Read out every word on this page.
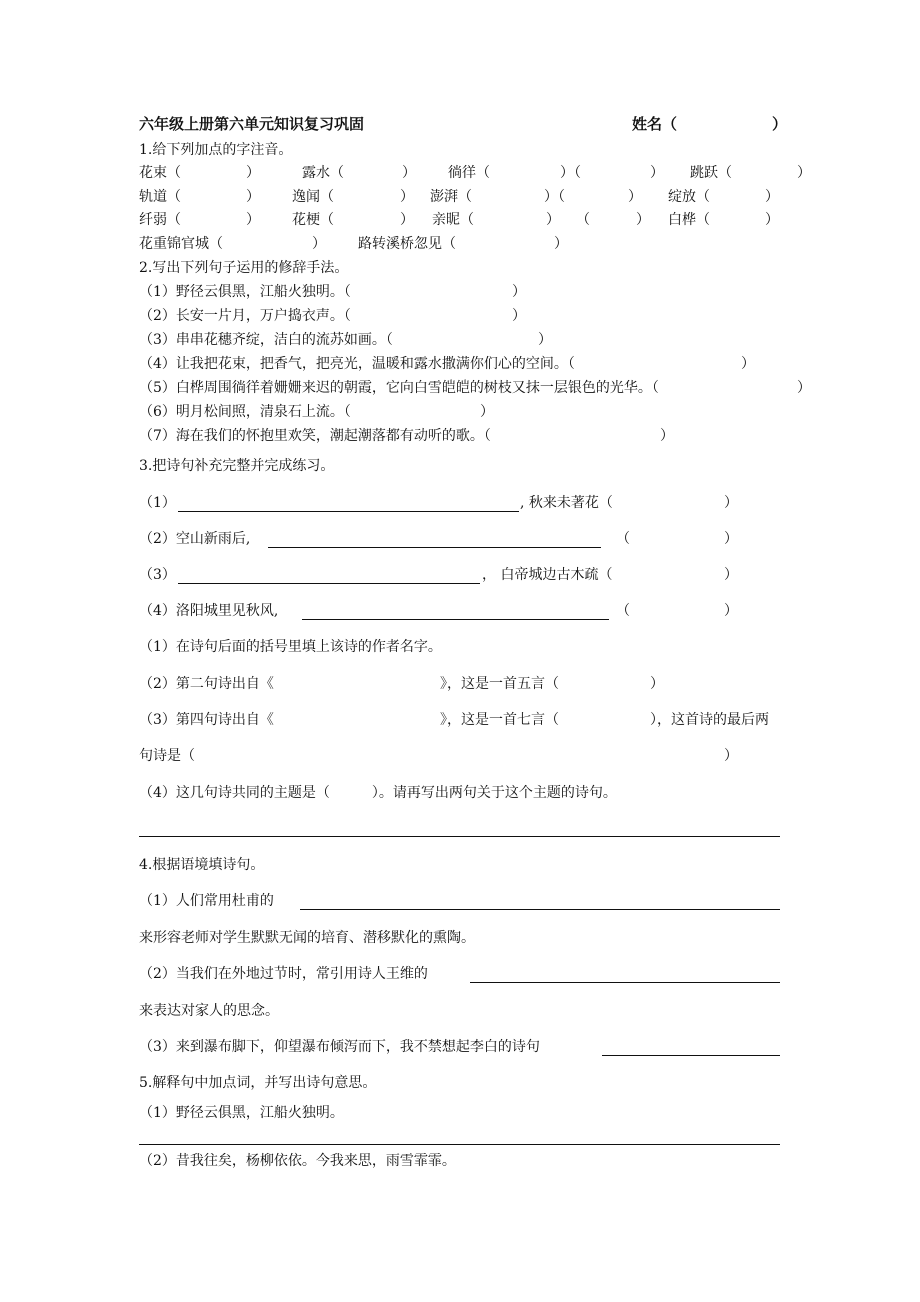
六年级上册第六单元知识复习巩固	姓名（	）
1.给下列加点的字注音。
花束（	）	露水（	） 徜徉（	）（	） 跳跃（	）
轨道（	） 逸闻（	） 澎湃（	）（	） 绽放（	）
纤弱（	） 花梗（	） 亲昵（	） （	） 白桦（	）
花重锦官城（	） 路转溪桥忽见（	）
2.写出下列句子运用的修辞手法。
（1）野径云俱黑，江船火独明。（	）
（2）长安一片月，万户捣衣声。（	）
（3）串串花穗齐绽，洁白的流苏如画。（	）
（4）让我把花束，把香气，把亮光，温暖和露水撒满你们心的空间。（	）
（5）白桦周围徜徉着姗姗来迟的朝霞，它向白雪皑皑的树枝又抹一层银色的光华。（	）
（6）明月松间照，清泉石上流。（	）
（7）海在我们的怀抱里欢笑，潮起潮落都有动听的歌。（	）
3.把诗句补充完整并完成练习。
（1）	, 秋来未著花（	）
（2）空山新雨后,	（	）
（3）	， 白帝城边古木疏（	）
（4）洛阳城里见秋风,	（	）
（1）在诗句后面的括号里填上该诗的作者名字。
（2）第二句诗出自《	》，这是一首五言（	）
（3）第四句诗出自《	》，这是一首七言（	），这首诗的最后两
句诗是（	）
（4）这几句诗共同的主题是（　　　）。请再写出两句关于这个主题的诗句。
4.根据语境填诗句。
（1）人们常用杜甫的
来形容老师对学生默默无闻的培育、潜移默化的熏陶。
（2）当我们在外地过节时，常引用诗人王维的
来表达对家人的思念。
（3）来到瀑布脚下，仰望瀑布倾泻而下，我不禁想起李白的诗句
5.解释句中加点词，并写出诗句意思。
（1）野径云俱黑，江船火独明。
（2）昔我往矣，杨柳依依。今我来思，雨雪霏霏。
